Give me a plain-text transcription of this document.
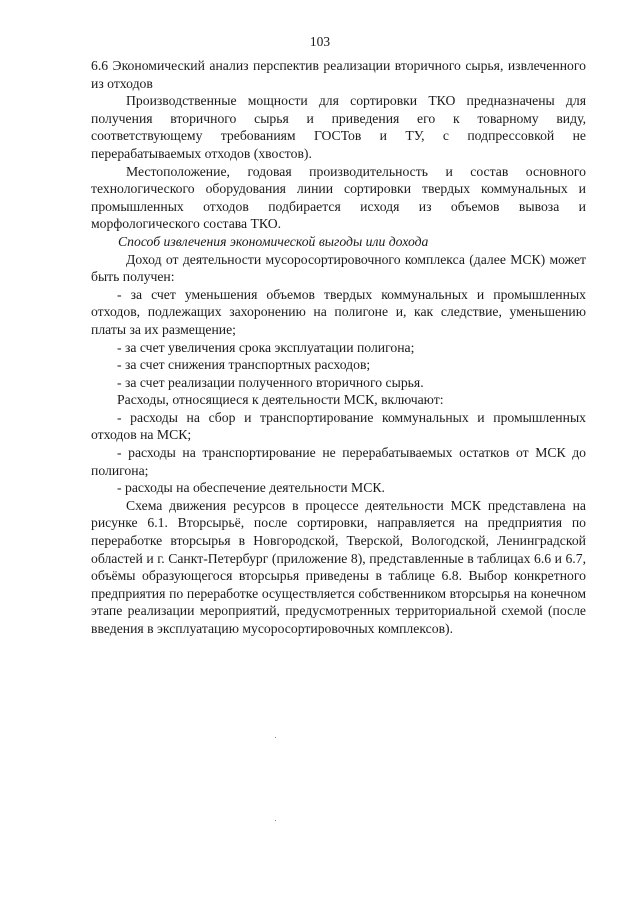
103

6.6 Экономический анализ перспектив реализации вторичного сырья, извлеченного из отходов

Производственные мощности для сортировки ТКО предназначены для получения вторичного сырья и приведения его к товарному виду, соответствующему требованиям ГОСТов и ТУ, с подпрессовкой не перерабатываемых отходов (хвостов).

Местоположение, годовая производительность и состав основного технологического оборудования линии сортировки твердых коммунальных и промышленных отходов подбирается исходя из объемов вывоза и морфологического состава ТКО.

Способ извлечения экономической выгоды или дохода

Доход от деятельности мусоросортировочного комплекса (далее МСК) может быть получен:

- за счет уменьшения объемов твердых коммунальных и промышленных отходов, подлежащих захоронению на полигоне и, как следствие, уменьшению платы за их размещение;

- за счет увеличения срока эксплуатации полигона;

- за счет снижения транспортных расходов;

- за счет реализации полученного вторичного сырья.

Расходы, относящиеся к деятельности МСК, включают:

- расходы на сбор и транспортирование коммунальных и промышленных отходов на МСК;

- расходы на транспортирование не перерабатываемых остатков от МСК до полигона;

- расходы на обеспечение деятельности МСК.

Схема движения ресурсов в процессе деятельности МСК представлена на рисунке 6.1. Вторсырьё, после сортировки, направляется на предприятия по переработке вторсырья в Новгородской, Тверской, Вологодской, Ленинградской областей и г. Санкт-Петербург (приложение 8), представленные в таблицах 6.6 и 6.7, объёмы образующегося вторсырья приведены в таблице 6.8. Выбор конкретного предприятия по переработке осуществляется собственником вторсырья на конечном этапе реализации мероприятий, предусмотренных территориальной схемой (после введения в эксплуатацию мусоросортировочных комплексов).
